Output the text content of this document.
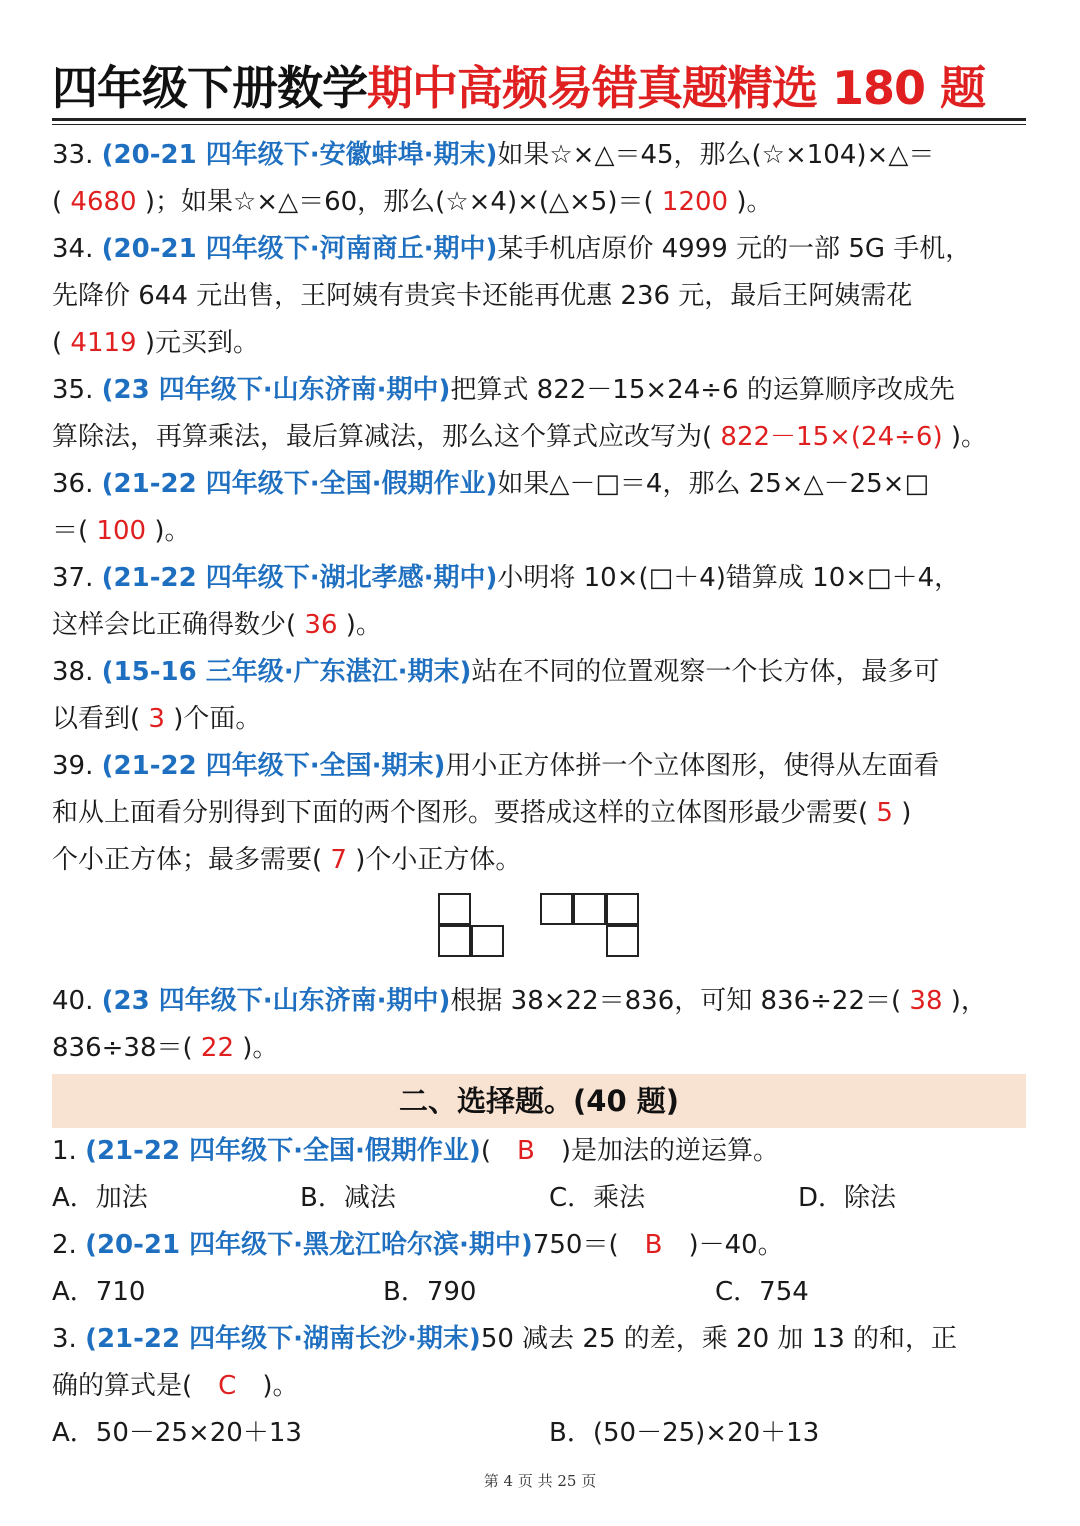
四年级下册数学期中高频易错真题精选 180 题
33. (20-21 四年级下·安徽蚌埠·期末)如果☆×△＝45，那么(☆×104)×△＝
( 4680 )；如果☆×△＝60，那么(☆×4)×(△×5)＝( 1200 )。
34. (20-21 四年级下·河南商丘·期中)某手机店原价 4999 元的一部 5G 手机，
先降价 644 元出售，王阿姨有贵宾卡还能再优惠 236 元，最后王阿姨需花
( 4119 )元买到。
35. (23 四年级下·山东济南·期中)把算式 822－15×24÷6 的运算顺序改成先
算除法，再算乘法，最后算减法，那么这个算式应改写为( 822－15×(24÷6) )。
36. (21-22 四年级下·全国·假期作业)如果△－□＝4，那么 25×△－25×□
＝( 100 )。
37. (21-22 四年级下·湖北孝感·期中)小明将 10×(□＋4)错算成 10×□＋4，
这样会比正确得数少( 36 )。
38. (15-16 三年级·广东湛江·期末)站在不同的位置观察一个长方体，最多可
以看到( 3 )个面。
39. (21-22 四年级下·全国·期末)用小正方体拼一个立体图形，使得从左面看
和从上面看分别得到下面的两个图形。要搭成这样的立体图形最少需要( 5 )
个小正方体；最多需要( 7 )个小正方体。
40. (23 四年级下·山东济南·期中)根据 38×22＝836，可知 836÷22＝( 38 )，
836÷38＝( 22 )。
二、选择题。(40 题)
1. (21-22 四年级下·全国·假期作业)(　B　)是加法的逆运算。
A．加法	B．减法	C．乘法	D．除法
2. (20-21 四年级下·黑龙江哈尔滨·期中)750＝(　B　)－40。
A．710	B．790	C．754
3. (21-22 四年级下·湖南长沙·期末)50 减去 25 的差，乘 20 加 13 的和，正
确的算式是(　C　)。
A．50－25×20＋13	B．(50－25)×20＋13
第 4 页 共 25 页
